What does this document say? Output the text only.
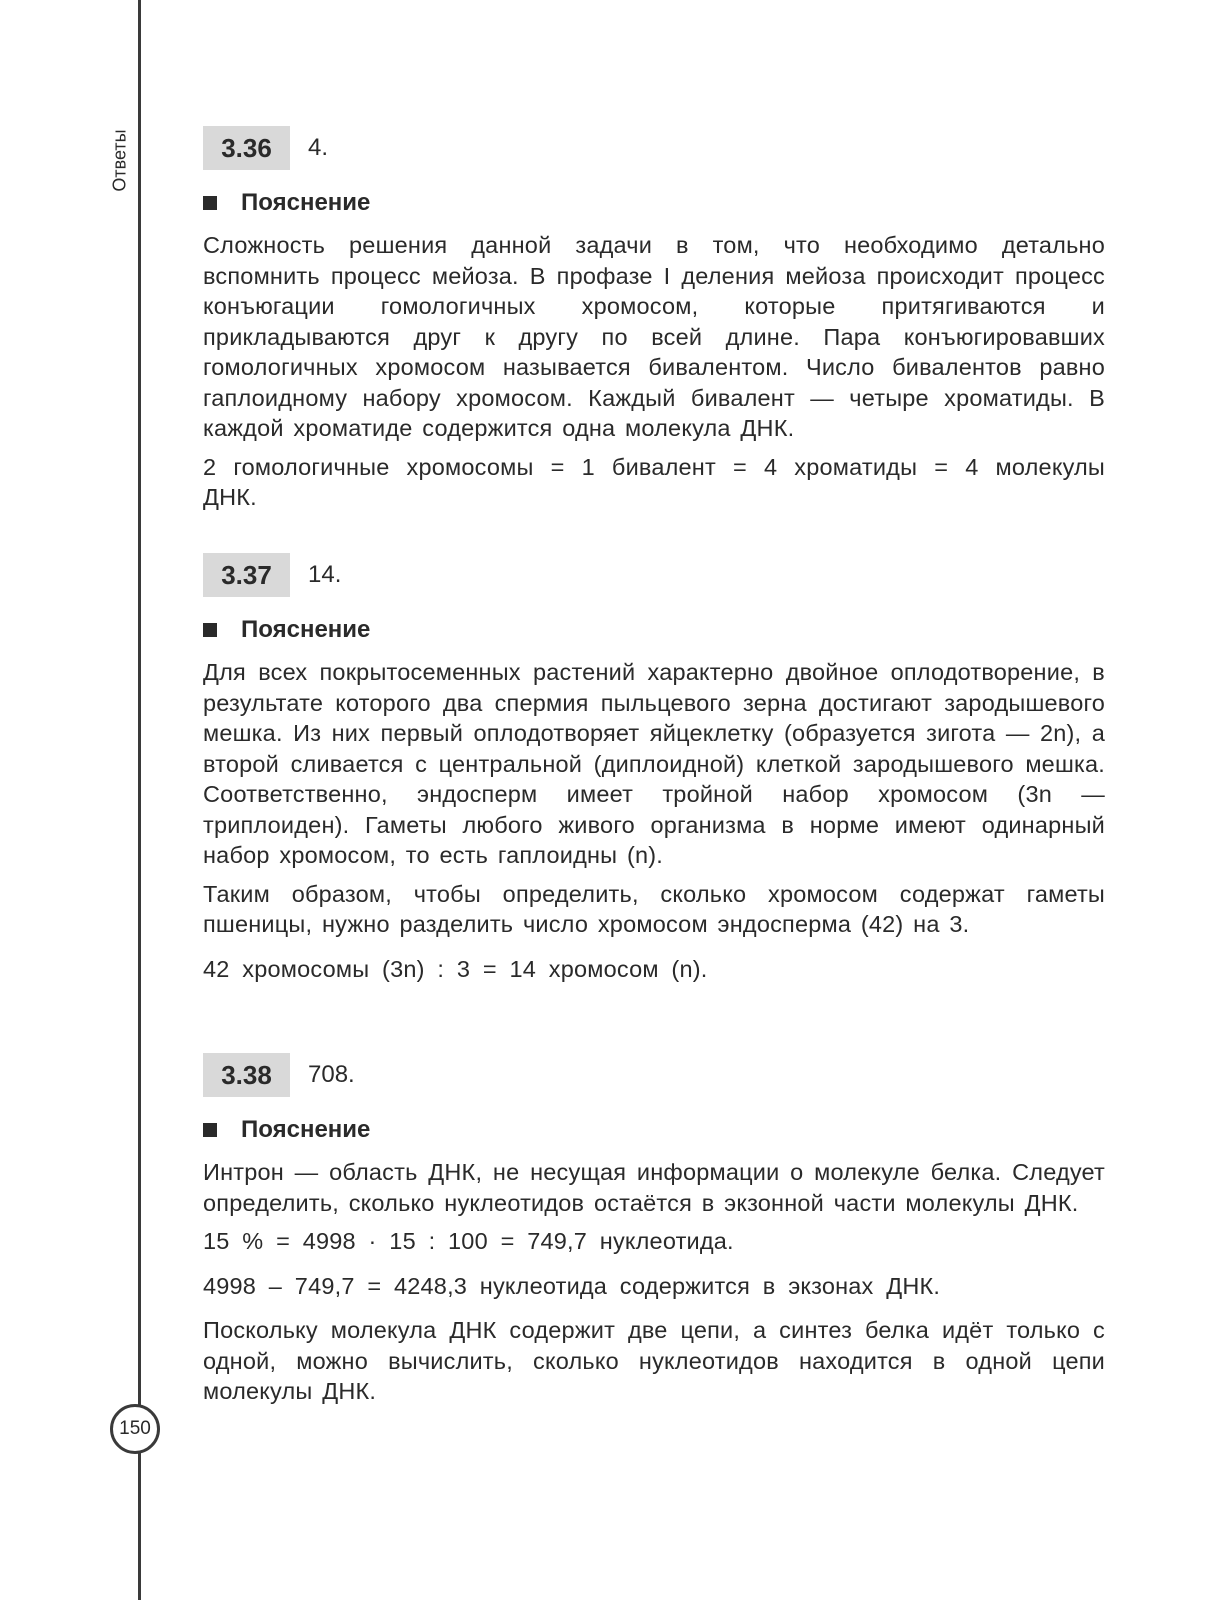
Ответы
150
3.36	4.
Пояснение

Сложность решения данной задачи в том, что необходимо детально вспомнить процесс мейоза. В профазе I деления мейоза происходит процесс конъюгации гомологичных хромосом, которые притягиваются и прикладываются друг к другу по всей длине. Пара конъюгировавших гомологичных хромосом называется бивалентом. Число бивалентов равно гаплоидному набору хромосом. Каждый бивалент — четыре хроматиды. В каждой хроматиде содержится одна молекула ДНК.

2 гомологичные хромосомы = 1 бивалент = 4 хроматиды = 4 молекулы ДНК.

3.37	14.
Пояснение

Для всех покрытосеменных растений характерно двойное оплодотворение, в результате которого два спермия пыльцевого зерна достигают зародышевого мешка. Из них первый оплодотворяет яйцеклетку (образуется зигота — 2n), а второй сливается с центральной (диплоидной) клеткой зародышевого мешка. Соответственно, эндосперм имеет тройной набор хромосом (3n — триплоиден). Гаметы любого живого организма в норме имеют одинарный набор хромосом, то есть гаплоидны (n).

Таким образом, чтобы определить, сколько хромосом содержат гаметы пшеницы, нужно разделить число хромосом эндосперма (42) на 3.

42 хромосомы (3n) : 3 = 14 хромосом (n).

3.38	708.
Пояснение

Интрон — область ДНК, не несущая информации о молекуле белка. Следует определить, сколько нуклеотидов остаётся в экзонной части молекулы ДНК.

15 % = 4998 · 15 : 100 = 749,7 нуклеотида.

4998 – 749,7 = 4248,3 нуклеотида содержится в экзонах ДНК.

Поскольку молекула ДНК содержит две цепи, а синтез белка идёт только с одной, можно вычислить, сколько нуклеотидов находится в одной цепи молекулы ДНК.
